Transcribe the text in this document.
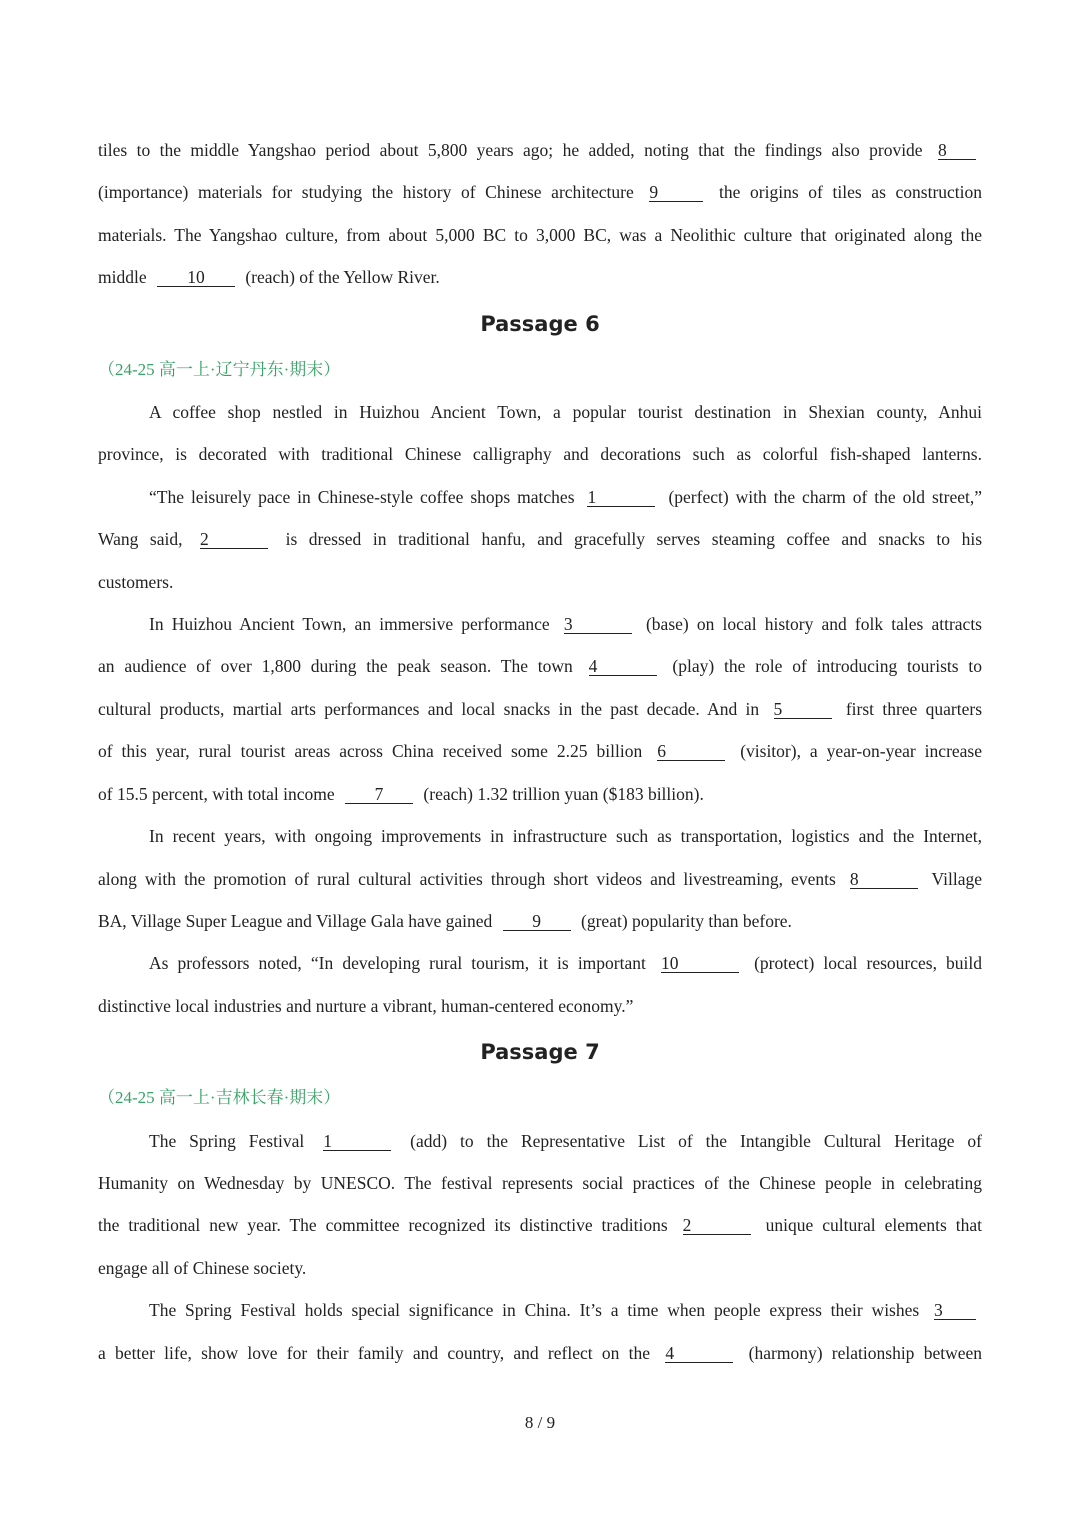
tiles to the middle Yangshao period about 5,800 years ago; he added, noting that the findings also provide 8

(importance) materials for studying the history of Chinese architecture 9	the origins of tiles as construction

materials. The Yangshao culture, from about 5,000 BC to 3,000 BC, was a Neolithic culture that originated along the

middle 10 (reach) of the Yellow River.

Passage 6

（24-25 高一上·辽宁丹东·期末）

A coffee shop nestled in Huizhou Ancient Town, a popular tourist destination in Shexian county, Anhui

province, is decorated with traditional Chinese calligraphy and decorations such as colorful fish-shaped lanterns.

“The leisurely pace in Chinese-style coffee shops matches 1	(perfect) with the charm of the old street,”

Wang said, 2	is dressed in traditional hanfu, and gracefully serves steaming coffee and snacks to his

customers.

In Huizhou Ancient Town, an immersive performance 3	(base) on local history and folk tales attracts

an audience of over 1,800 during the peak season. The town 4	(play) the role of introducing tourists to

cultural products, martial arts performances and local snacks in the past decade. And in 5	first three quarters

of this year, rural tourist areas across China received some 2.25 billion 6	(visitor), a year-on-year increase

of 15.5 percent, with total income 7 (reach) 1.32 trillion yuan ($183 billion).

In recent years, with ongoing improvements in infrastructure such as transportation, logistics and the Internet,

along with the promotion of rural cultural activities through short videos and livestreaming, events 8	Village

BA, Village Super League and Village Gala have gained 9 (great) popularity than before.

As professors noted, “In developing rural tourism, it is important 10	(protect) local resources, build

distinctive local industries and nurture a vibrant, human-centered economy.”

Passage 7

（24-25 高一上·吉林长春·期末）

The Spring Festival 1	(add) to the Representative List of the Intangible Cultural Heritage of

Humanity on Wednesday by UNESCO. The festival represents social practices of the Chinese people in celebrating

the traditional new year. The committee recognized its distinctive traditions 2	unique cultural elements that

engage all of Chinese society.

The Spring Festival holds special significance in China. It’s a time when people express their wishes 3

a better life, show love for their family and country, and reflect on the 4	(harmony) relationship between

8 / 9
